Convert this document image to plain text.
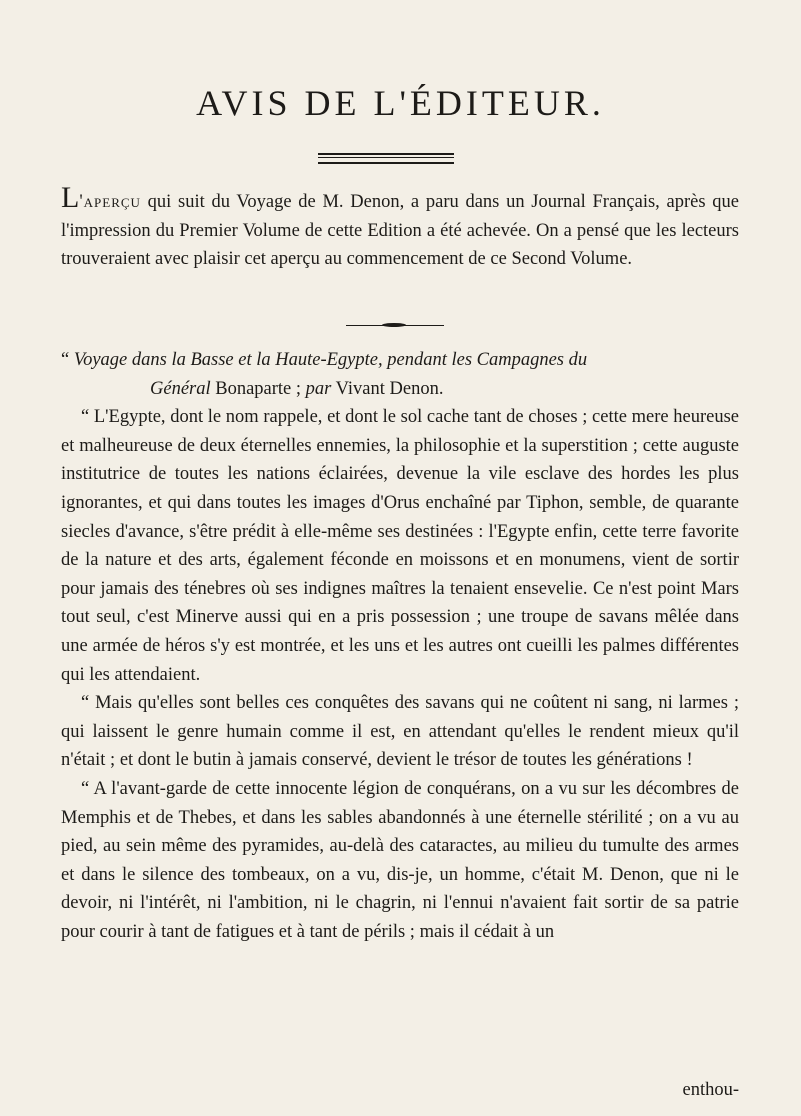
AVIS DE L'ÉDITEUR.

L'aperçu qui suit du Voyage de M. Denon, a paru dans un Journal Français, après que l'impression du Premier Volume de cette Edition a été achevée. On a pensé que les lecteurs trouveraient avec plaisir cet aperçu au commencement de ce Second Volume.

“ Voyage dans la Basse et la Haute-Egypte, pendant les Campagnes du
Général Bonaparte ; par Vivant Denon.

“ L'Egypte, dont le nom rappele, et dont le sol cache tant de choses ; cette mere heureuse et malheureuse de deux éternelles ennemies, la philosophie et la superstition ; cette auguste institutrice de toutes les nations éclairées, devenue la vile esclave des hordes les plus ignorantes, et qui dans toutes les images d'Orus enchaîné par Tiphon, semble, de quarante siecles d'avance, s'être prédit à elle-même ses destinées : l'Egypte enfin, cette terre favorite de la nature et des arts, également féconde en moissons et en monumens, vient de sortir pour jamais des ténebres où ses indignes maîtres la tenaient ensevelie. Ce n'est point Mars tout seul, c'est Minerve aussi qui en a pris possession ; une troupe de savans mêlée dans une armée de héros s'y est montrée, et les uns et les autres ont cueilli les palmes différentes qui les attendaient.

“ Mais qu'elles sont belles ces conquêtes des savans qui ne coûtent ni sang, ni larmes ; qui laissent le genre humain comme il est, en attendant qu'elles le rendent mieux qu'il n'était ; et dont le butin à jamais conservé, devient le trésor de toutes les générations !

“ A l'avant-garde de cette innocente légion de conquérans, on a vu sur les décombres de Memphis et de Thebes, et dans les sables abandonnés à une éternelle stérilité ; on a vu au pied, au sein même des pyramides, au-delà des cataractes, au milieu du tumulte des armes et dans le silence des tombeaux, on a vu, dis-je, un homme, c'était M. Denon, que ni le devoir, ni l'intérêt, ni l'ambition, ni le chagrin, ni l'ennui n'avaient fait sortir de sa patrie pour courir à tant de fatigues et à tant de périls ; mais il cédait à un

enthou-
